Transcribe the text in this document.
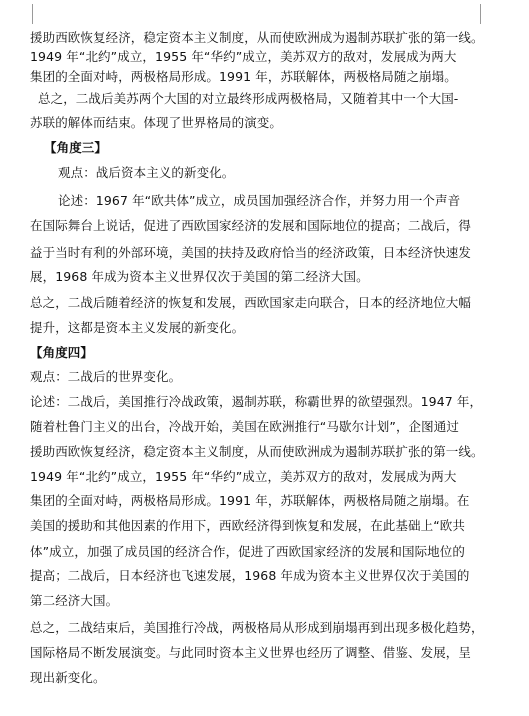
援助西欧恢复经济，稳定资本主义制度，从而使欧洲成为遏制苏联扩张的第一线。
1949 年“北约”成立，1955 年“华约”成立，美苏双方的敌对，发展成为两大
集团的全面对峙，两极格局形成。1991 年，苏联解体，两极格局随之崩塌。
总之，二战后美苏两个大国的对立最终形成两极格局，又随着其中一个大国-
苏联的解体而结束。体现了世界格局的演变。
【角度三】
观点：战后资本主义的新变化。
论述：1967 年“欧共体”成立，成员国加强经济合作，并努力用一个声音
在国际舞台上说话，促进了西欧国家经济的发展和国际地位的提高；二战后，得
益于当时有利的外部环境，美国的扶持及政府恰当的经济政策，日本经济快速发
展，1968 年成为资本主义世界仅次于美国的第二经济大国。
总之，二战后随着经济的恢复和发展，西欧国家走向联合，日本的经济地位大幅
提升，这都是资本主义发展的新变化。
【角度四】
观点：二战后的世界变化。
论述：二战后，美国推行冷战政策，遏制苏联，称霸世界的欲望强烈。1947 年，
随着杜鲁门主义的出台，冷战开始，美国在欧洲推行“马歇尔计划”，企图通过
援助西欧恢复经济，稳定资本主义制度，从而使欧洲成为遏制苏联扩张的第一线。
1949 年“北约”成立，1955 年“华约”成立，美苏双方的敌对，发展成为两大
集团的全面对峙，两极格局形成。1991 年，苏联解体，两极格局随之崩塌。在
美国的援助和其他因素的作用下，西欧经济得到恢复和发展，在此基础上“欧共
体”成立，加强了成员国的经济合作，促进了西欧国家经济的发展和国际地位的
提高；二战后，日本经济也飞速发展，1968 年成为资本主义世界仅次于美国的
第二经济大国。
总之，二战结束后，美国推行冷战，两极格局从形成到崩塌再到出现多极化趋势，
国际格局不断发展演变。与此同时资本主义世界也经历了调整、借鉴、发展，呈
现出新变化。
